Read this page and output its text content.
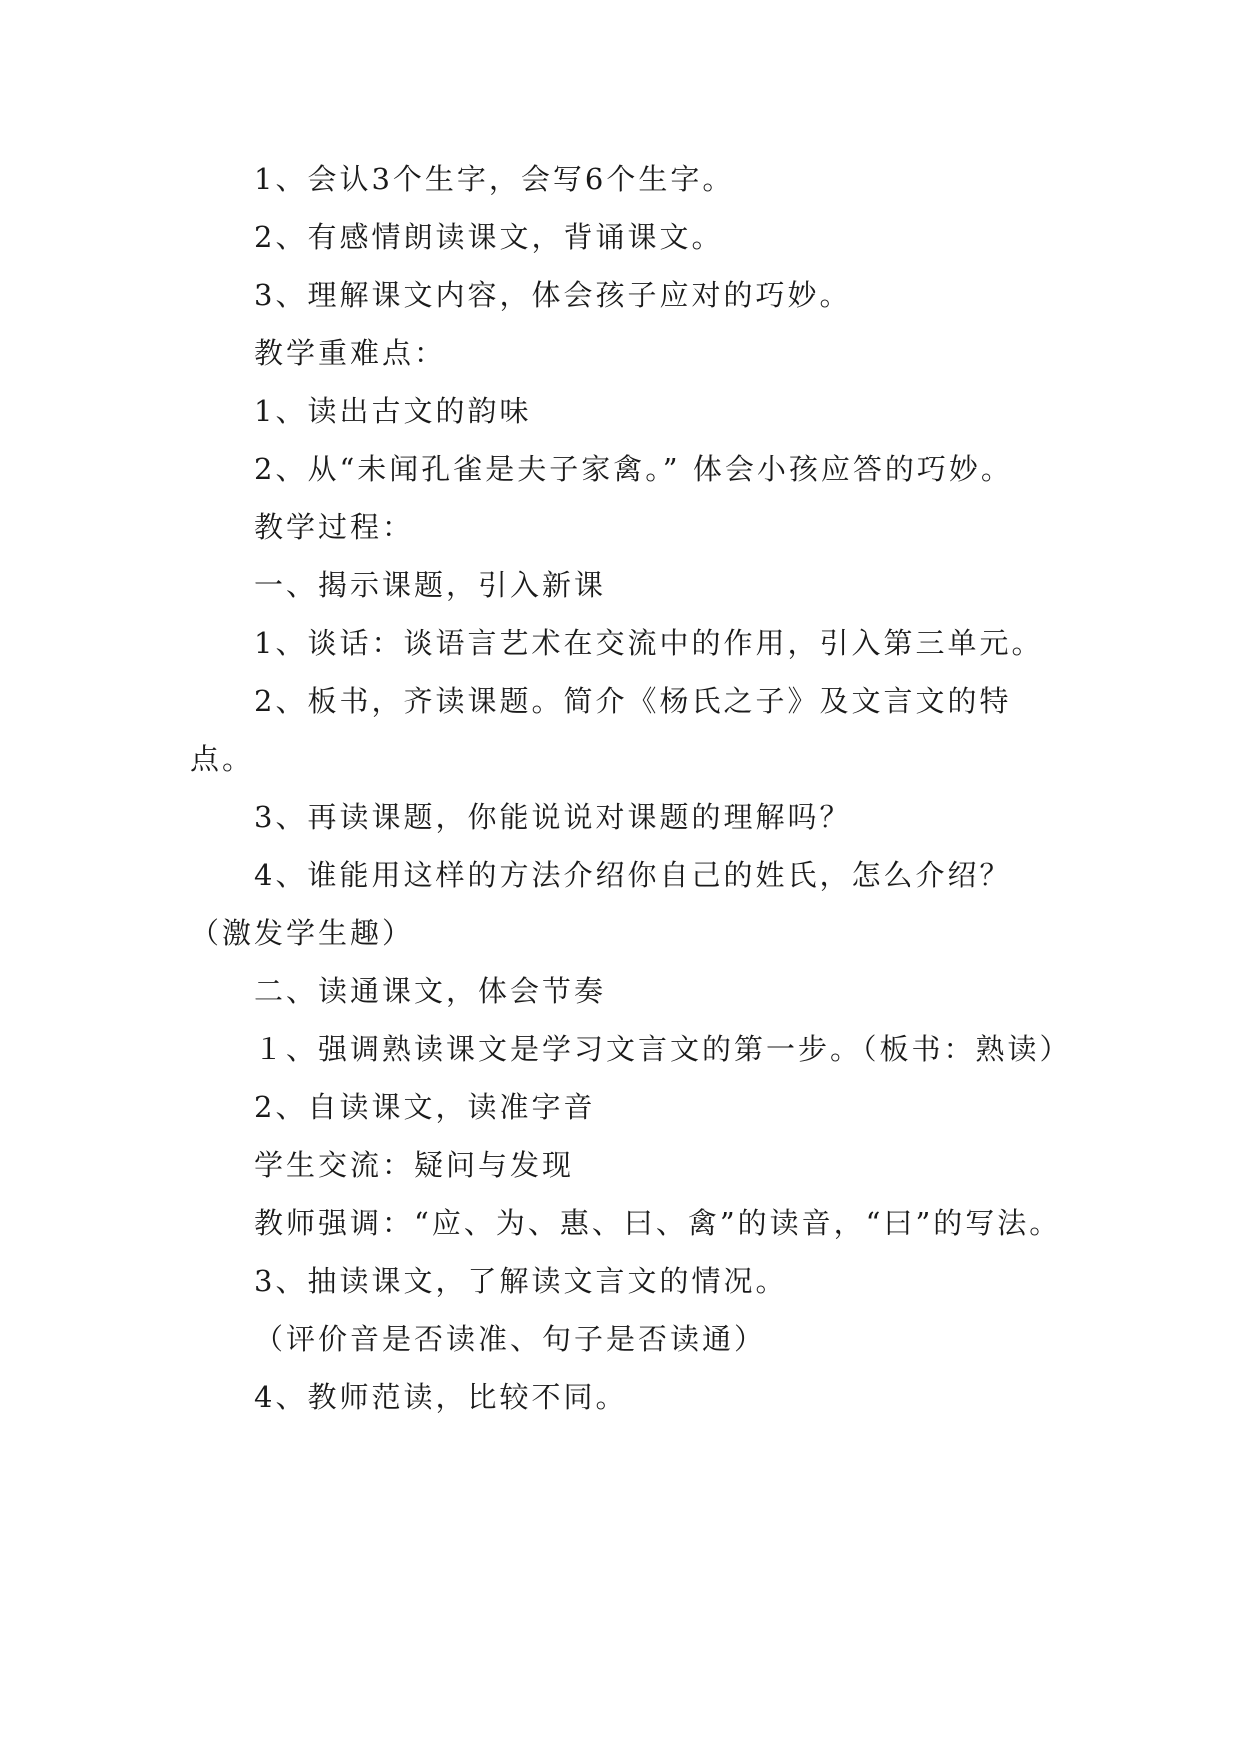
1、会认3个生字，会写6个生字。

2、有感情朗读课文，背诵课文。

3、理解课文内容，体会孩子应对的巧妙。

教学重难点：

1、读出古文的韵味

2、从“未闻孔雀是夫子家禽。” 体会小孩应答的巧妙。

教学过程：

一、揭示课题，引入新课

1、谈话：谈语言艺术在交流中的作用，引入第三单元。

2、板书，齐读课题。简介《杨氏之子》及文言文的特点。

3、再读课题，你能说说对课题的理解吗？

4、谁能用这样的方法介绍你自己的姓氏，怎么介绍？（激发学生趣）

二、读通课文，体会节奏

１、强调熟读课文是学习文言文的第一步。（板书：熟读）

2、自读课文，读准字音

学生交流：疑问与发现

教师强调：“应、为、惠、曰、禽”的读音，“曰”的写法。

3、抽读课文，了解读文言文的情况。

（评价音是否读准、句子是否读通）

4、教师范读，比较不同。
